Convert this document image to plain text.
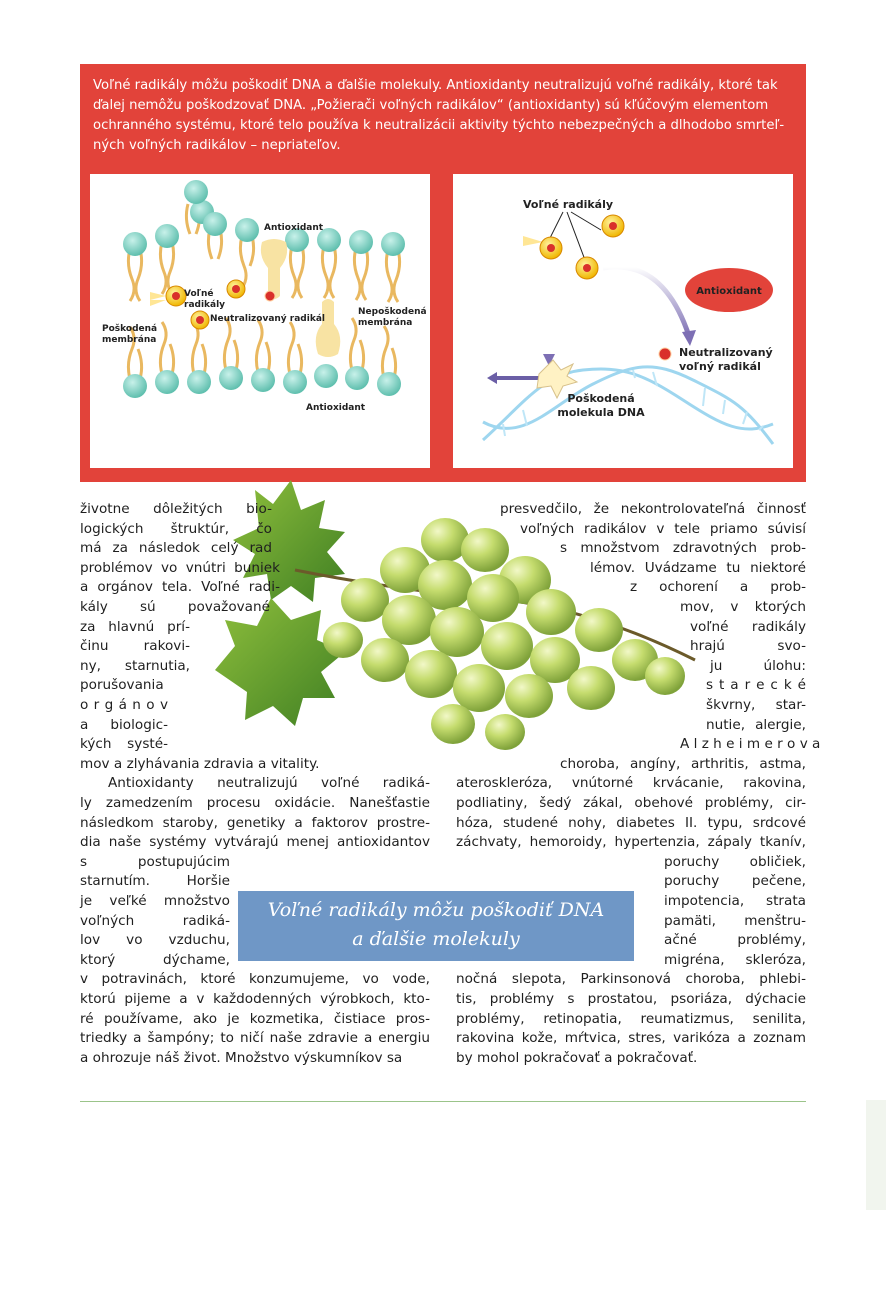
Voľné radikály môžu poškodiť DNA a ďalšie molekuly. Antioxidanty neutralizujú voľné radikály, ktoré tak
ďalej nemôžu poškodzovať DNA. „Požierači voľných radikálov“ (antioxidanty) sú kľúčovým elementom
ochranného systému, ktoré telo používa k neutralizácii aktivity týchto nebezpečných a dlhodobo smrteľ-
ných voľných radikálov – nepriateľov.

Antioxidant
Voľné
radikály
Neutralizovaný radikál
Poškodená
membrána
Nepoškodená
membrána
Antioxidant
Voľné radikály
Antioxidant
Neutralizovaný
voľný radikál
Poškodená
molekula DNA

životne dôležitých bio-
logických štruktúr, čo
má za následok celý rad
problémov vo vnútri buniek
a orgánov tela. Voľné radi-
kály sú považované
za hlavnú prí-
činu rakovi-
ny, starnutia,
porušovania
o r g á n o v
a biologic-
kých systé-
mov a zlyhávania zdravia a vitality.
Antioxidanty neutralizujú voľné radiká-
ly zamedzením procesu oxidácie. Nanešťastie
následkom staroby, genetiky a faktorov prostre-
dia naše systémy vytvárajú menej antioxidantov
s postupujúcim
starnutím. Horšie
je veľké množstvo
voľných radiká-
lov vo vzduchu,
ktorý dýchame,
v potravinách, ktoré konzumujeme, vo vode,
ktorú pijeme a v každodenných výrobkoch, kto-
ré používame, ako je kozmetika, čistiace pros-
triedky a šampóny; to ničí naše zdravie a energiu
a ohrozuje náš život. Množstvo výskumníkov sa
presvedčilo, že nekontrolovateľná činnosť
voľných radikálov v tele priamo súvisí
s množstvom zdravotných prob-
lémov. Uvádzame tu niektoré
z ochorení a prob-
mov, v ktorých
voľné radikály
hrajú svo-
ju úlohu:
s t a r e c k é
škvrny, star-
nutie, alergie,
A l z h e i m e r o v a
choroba, angíny, arthritis, astma,
ateroskleróza, vnútorné krvácanie, rakovina,
podliatiny, šedý zákal, obehové problémy, cir-
hóza, studené nohy, diabetes II. typu, srdcové
záchvaty, hemoroidy, hypertenzia, zápaly tkanív,
poruchy obličiek,
poruchy pečene,
impotencia, strata
pamäti, menštru-
ačné problémy,
migréna, skleróza,
nočná slepota, Parkinsonová choroba, phlebi-
tis, problémy s prostatou, psoriáza, dýchacie
problémy, retinopatia, reumatizmus, senilita,
rakovina kože, mŕtvica, stres, varikóza a zoznam
by mohol pokračovať a pokračovať.
Voľné radikály môžu poškodiť DNA
a ďalšie molekuly
